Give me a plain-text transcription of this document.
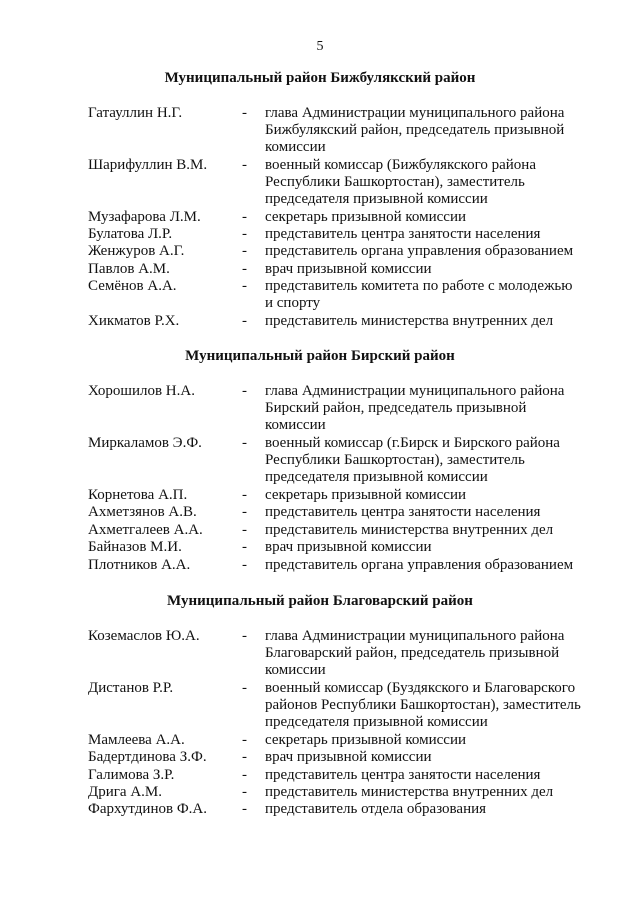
5
Муниципальный район Бижбулякский район
Гатауллин Н.Г.	- глава Администрации муниципального района
Бижбулякский район, председатель призывной
комиссии
Шарифуллин В.М. - военный комиссар (Бижбулякского района
Республики Башкортостан), заместитель
председателя призывной комиссии
Музафарова Л.М.	- секретарь призывной комиссии
Булатова Л.Р.	- представитель центра занятости населения
Женжуров А.Г.	- представитель органа управления образованием
Павлов А.М.	- врач призывной комиссии
Семёнов А.А.	- представитель комитета по работе с молодежью
и спорту
Хикматов Р.Х.	- представитель министерства внутренних дел
Муниципальный район Бирский район
Хорошилов Н.А.	- глава Администрации муниципального района
Бирский район, председатель призывной
комиссии
Миркаламов Э.Ф.	- военный комиссар (г.Бирск и Бирского района
Республики Башкортостан), заместитель
председателя призывной комиссии
Корнетова А.П.	- секретарь призывной комиссии
Ахметзянов А.В.	- представитель центра занятости населения
Ахметгалеев А.А.	- представитель министерства внутренних дел
Байназов М.И.	- врач призывной комиссии
Плотников А.А.	- представитель органа управления образованием
Муниципальный район Благоварский район
Коземаслов Ю.А.	- глава Администрации муниципального района
Благоварский район, председатель призывной
комиссии
Дистанов Р.Р.	- военный комиссар (Буздякского и Благоварского
районов Республики Башкортостан), заместитель
председателя призывной комиссии
Мамлеева А.А.	- секретарь призывной комиссии
Бадертдинова З.Ф. - врач призывной комиссии
Галимова З.Р.	- представитель центра занятости населения
Дрига А.М.	- представитель министерства внутренних дел
Фархутдинов Ф.А. - представитель отдела образования
